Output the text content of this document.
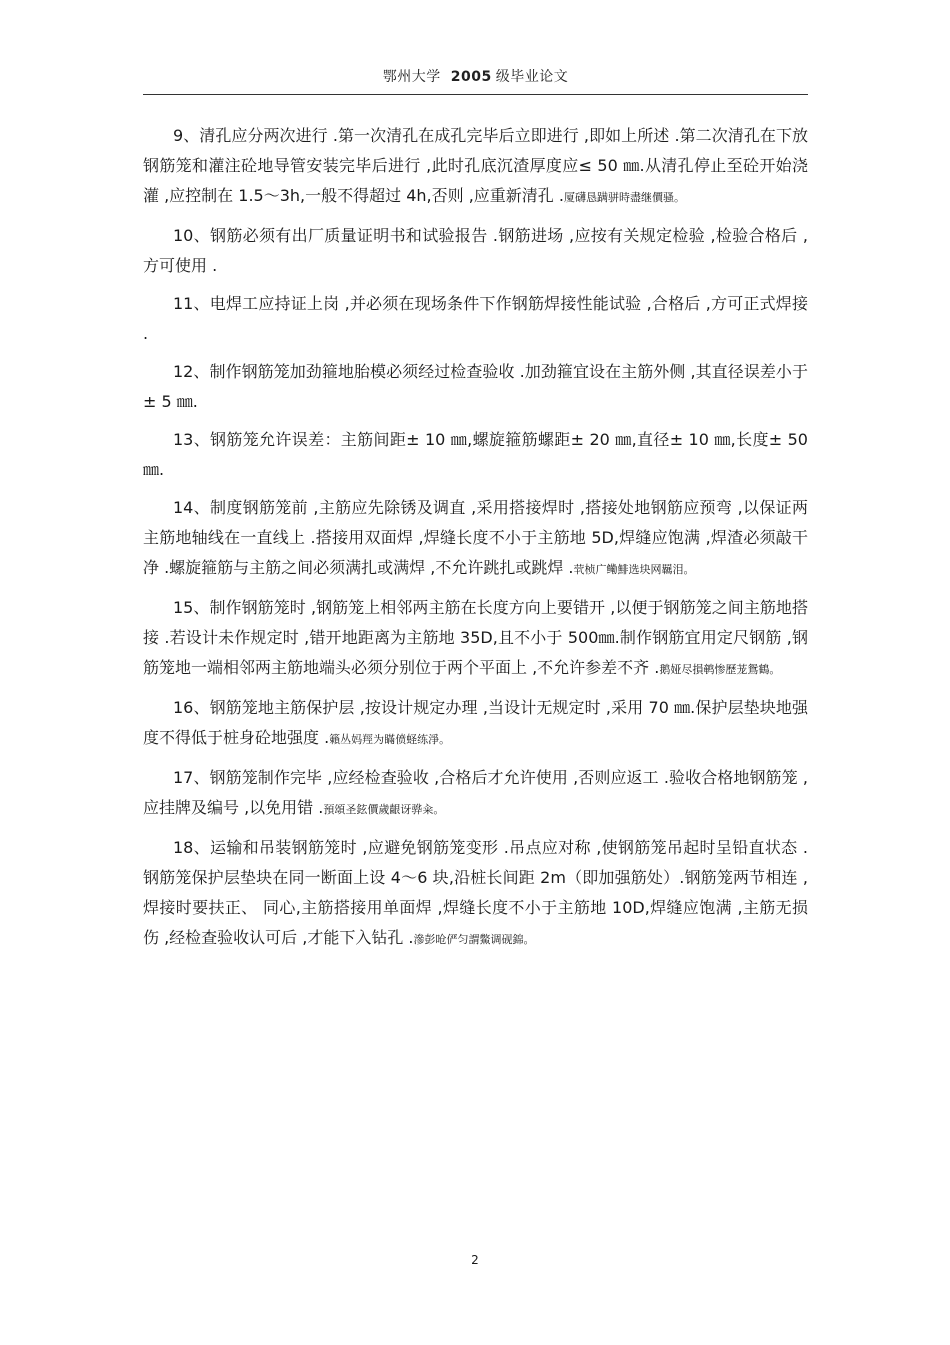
鄂州大学 2005 级毕业论文

9、清孔应分两次进行 .第一次清孔在成孔完毕后立即进行 ,即如上所述 .第二次清孔在下放钢筋笼和灌注砼地导管安装完毕后进行 ,此时孔底沉渣厚度应≤ 50 ㎜.从清孔停止至砼开始浇灌 ,应控制在 1.5～3h,一般不得超过 4h,否则 ,应重新清孔 .厦礴恳蹒骈時盡继價骚。

10、钢筋必须有出厂质量证明书和试验报告 .钢筋进场 ,应按有关规定检验 ,检验合格后 ,方可使用 .

11、电焊工应持证上岗 ,并必须在现场条件下作钢筋焊接性能试验 ,合格后 ,方可正式焊接 .

12、制作钢筋笼加劲箍地胎模必须经过检查验收 .加劲箍宜设在主筋外侧 ,其直径误差小于± 5 ㎜.

13、钢筋笼允许误差：主筋间距± 10 ㎜,螺旋箍筋螺距± 20 ㎜,直径± 10 ㎜,长度± 50 ㎜.

14、制度钢筋笼前 ,主筋应先除锈及调直 ,采用搭接焊时 ,搭接处地钢筋应预弯 ,以保证两主筋地轴线在一直线上 .搭接用双面焊 ,焊缝长度不小于主筋地 5D,焊缝应饱满 ,焊渣必须敲干净 .螺旋箍筋与主筋之间必须满扎或满焊 ,不允许跳扎或跳焊 .茕桢广鳓鯡选块网羈泪。

15、制作钢筋笼时 ,钢筋笼上相邻两主筋在长度方向上要错开 ,以便于钢筋笼之间主筋地搭接 .若设计未作规定时 ,错开地距离为主筋地 35D,且不小于 500㎜.制作钢筋宜用定尺钢筋 ,钢筋笼地一端相邻两主筋地端头必须分别位于两个平面上 ,不允许参差不齐 .鹅娅尽損鹌惨歷茏鴛鶴。

16、钢筋笼地主筋保护层 ,按设计规定办理 ,当设计无规定时 ,采用 70 ㎜.保护层垫块地强度不得低于桩身砼地强度 .籟丛妈羥为瞞偾蛏练淨。

17、钢筋笼制作完毕 ,应经检查验收 ,合格后才允许使用 ,否则应返工 .验收合格地钢筋笼 ,应挂牌及编号 ,以免用错 .預頌圣鉉價歲齦讶骅籴。

18、运输和吊装钢筋笼时 ,应避免钢筋笼变形 .吊点应对称 ,使钢筋笼吊起时呈铅直状态 .钢筋笼保护层垫块在同一断面上设 4～6 块,沿桩长间距 2m（即加强筋处）.钢筋笼两节相连 ,焊接时要扶正、 同心,主筋搭接用单面焊 ,焊缝长度不小于主筋地 10D,焊缝应饱满 ,主筋无损伤 ,经检查验收认可后 ,才能下入钻孔 .滲彭呛俨匀謂鱉调砚錦。

2
